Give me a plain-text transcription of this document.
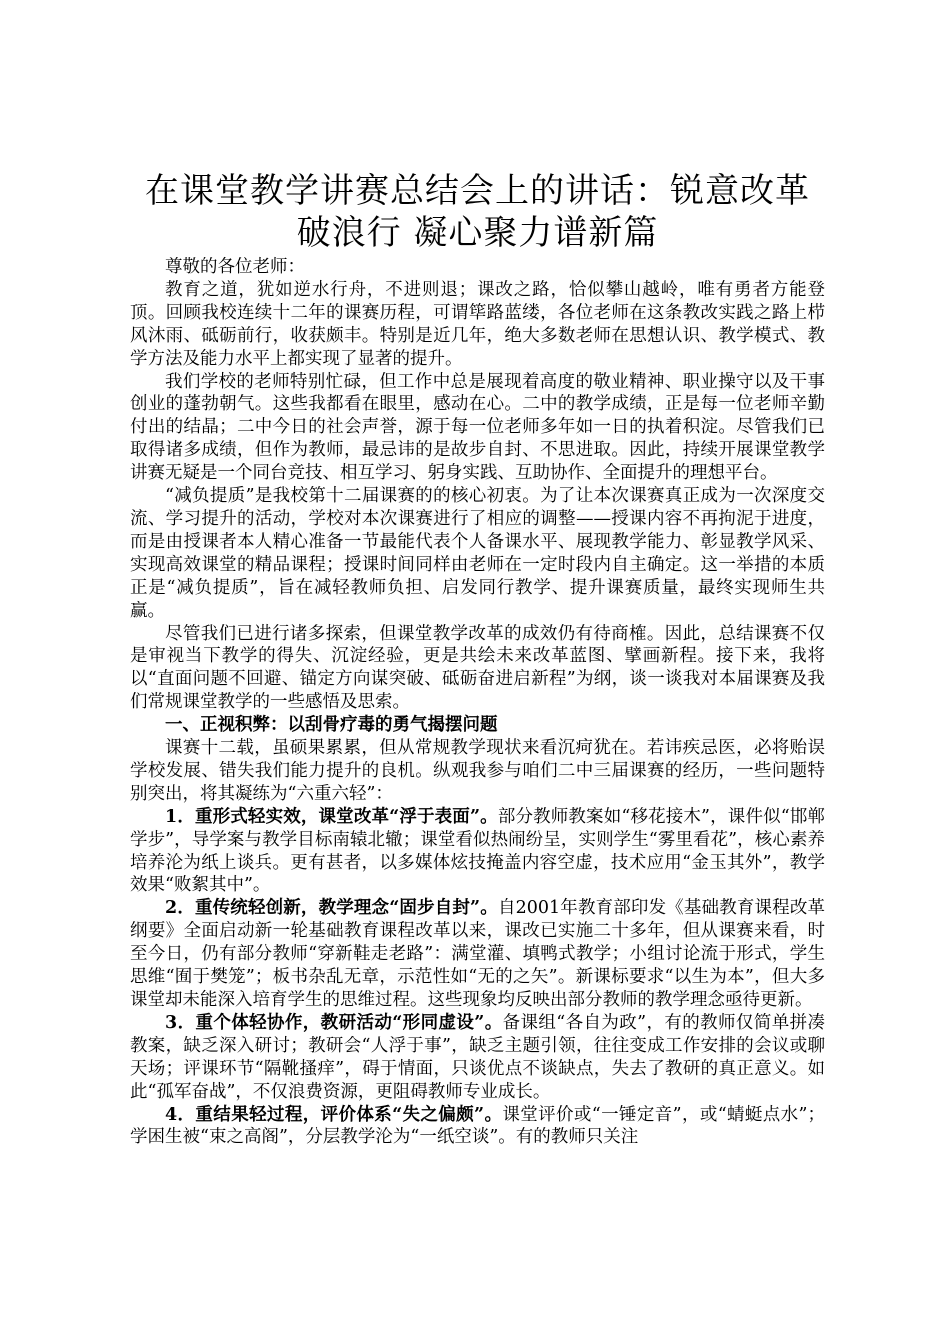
在课堂教学讲赛总结会上的讲话：锐意改革破浪行 凝心聚力谱新篇

尊敬的各位老师：

教育之道，犹如逆水行舟，不进则退；课改之路，恰似攀山越岭，唯有勇者方能登顶。回顾我校连续十二年的课赛历程，可谓筚路蓝缕，各位老师在这条教改实践之路上栉风沐雨、砥砺前行，收获颇丰。特别是近几年，绝大多数老师在思想认识、教学模式、教学方法及能力水平上都实现了显著的提升。

我们学校的老师特别忙碌，但工作中总是展现着高度的敬业精神、职业操守以及干事创业的蓬勃朝气。这些我都看在眼里，感动在心。二中的教学成绩，正是每一位老师辛勤付出的结晶；二中今日的社会声誉，源于每一位老师多年如一日的执着积淀。尽管我们已取得诸多成绩，但作为教师，最忌讳的是故步自封、不思进取。因此，持续开展课堂教学讲赛无疑是一个同台竞技、相互学习、躬身实践、互助协作、全面提升的理想平台。

“减负提质”是我校第十二届课赛的的核心初衷。为了让本次课赛真正成为一次深度交流、学习提升的活动，学校对本次课赛进行了相应的调整——授课内容不再拘泥于进度，而是由授课者本人精心准备一节最能代表个人备课水平、展现教学能力、彰显教学风采、实现高效课堂的精品课程；授课时间同样由老师在一定时段内自主确定。这一举措的本质正是“减负提质”，旨在减轻教师负担、启发同行教学、提升课赛质量，最终实现师生共赢。

尽管我们已进行诸多探索，但课堂教学改革的成效仍有待商榷。因此，总结课赛不仅是审视当下教学的得失、沉淀经验，更是共绘未来改革蓝图、擘画新程。接下来，我将以“直面问题不回避、锚定方向谋突破、砥砺奋进启新程”为纲，谈一谈我对本届课赛及我们常规课堂教学的一些感悟及思索。

一、正视积弊：以刮骨疗毒的勇气揭摆问题

课赛十二载，虽硕果累累，但从常规教学现状来看沉疴犹在。若讳疾忌医，必将贻误学校发展、错失我们能力提升的良机。纵观我参与咱们二中三届课赛的经历，一些问题特别突出，将其凝练为“六重六轻”：

1．重形式轻实效，课堂改革“浮于表面”。部分教师教案如“移花接木”，课件似“邯郸学步”，导学案与教学目标南辕北辙；课堂看似热闹纷呈，实则学生“雾里看花”，核心素养培养沦为纸上谈兵。更有甚者，以多媒体炫技掩盖内容空虚，技术应用“金玉其外”，教学效果“败絮其中”。

2．重传统轻创新，教学理念“固步自封”。自2001年教育部印发《基础教育课程改革纲要》全面启动新一轮基础教育课程改革以来，课改已实施二十多年，但从课赛来看，时至今日，仍有部分教师“穿新鞋走老路”：满堂灌、填鸭式教学；小组讨论流于形式，学生思维“囿于樊笼”；板书杂乱无章，示范性如“无的之矢”。新课标要求“以生为本”，但大多课堂却未能深入培育学生的思维过程。这些现象均反映出部分教师的教学理念亟待更新。

3．重个体轻协作，教研活动“形同虚设”。备课组“各自为政”，有的教师仅简单拼凑教案，缺乏深入研讨；教研会“人浮于事”，缺乏主题引领，往往变成工作安排的会议或聊天场；评课环节“隔靴搔痒”，碍于情面，只谈优点不谈缺点，失去了教研的真正意义。如此“孤军奋战”，不仅浪费资源，更阻碍教师专业成长。

4．重结果轻过程，评价体系“失之偏颇”。课堂评价或“一锤定音”，或“蜻蜓点水”；学困生被“束之高阁”，分层教学沦为“一纸空谈”。有的教师只关注
